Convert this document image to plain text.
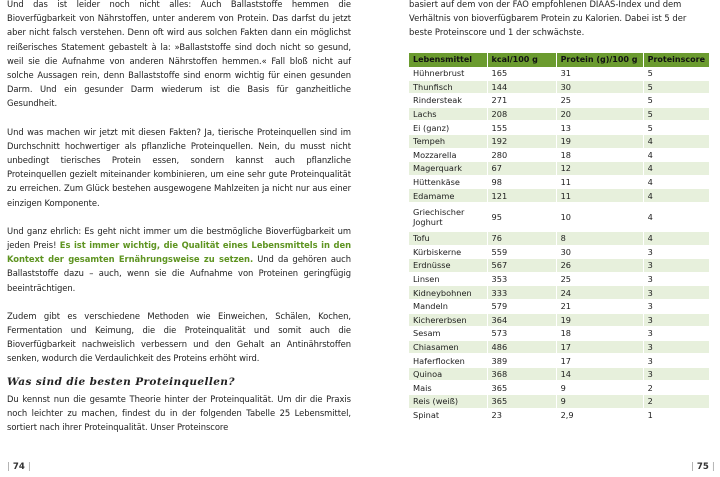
Und das ist leider noch nicht alles: Auch Ballaststoffe hemmen die Bioverfügbarkeit von Nährstoffen, unter anderem von Protein. Das darfst du jetzt aber nicht falsch verstehen. Denn oft wird aus solchen Fakten dann ein möglichst reißerisches Statement gebastelt à la: »Ballaststoffe sind doch nicht so gesund, weil sie die Aufnahme von anderen Nährstoffen hemmen.« Fall bloß nicht auf solche Aussagen rein, denn Ballaststoffe sind enorm wichtig für einen gesunden Darm. Und ein gesunder Darm wiederum ist die Basis für ganzheitliche Gesundheit.

Und was machen wir jetzt mit diesen Fakten? Ja, tierische Proteinquellen sind im Durchschnitt hochwertiger als pflanzliche Proteinquellen. Nein, du musst nicht unbedingt tierisches Protein essen, sondern kannst auch pflanzliche Proteinquellen gezielt miteinander kombinieren, um eine sehr gute Proteinqualität zu erreichen. Zum Glück bestehen ausgewogene Mahlzeiten ja nicht nur aus einer einzigen Komponente.

Und ganz ehrlich: Es geht nicht immer um die bestmögliche Bioverfügbarkeit um jeden Preis! Es ist immer wichtig, die Qualität eines Lebensmittels in den Kontext der gesamten Ernährungsweise zu setzen. Und da gehören auch Ballaststoffe dazu – auch, wenn sie die Aufnahme von Proteinen geringfügig beeinträchtigen.

Zudem gibt es verschiedene Methoden wie Einweichen, Schälen, Kochen, Fermentation und Keimung, die die Proteinqualität und somit auch die Bioverfügbarkeit nachweislich verbessern und den Gehalt an Antinährstoffen senken, wodurch die Verdaulichkeit des Proteins erhöht wird.

Was sind die besten Proteinquellen?

Du kennst nun die gesamte Theorie hinter der Proteinqualität. Um dir die Praxis noch leichter zu machen, findest du in der folgenden Tabelle 25 Lebensmittel, sortiert nach ihrer Proteinqualität. Unser Proteinscore

| 74 |

basiert auf dem von der FAO empfohlenen DIAAS-Index und dem Verhältnis von bioverfügbarem Protein zu Kalorien. Dabei ist 5 der beste Proteinscore und 1 der schwächste.

Lebensmittel	kcal/100 g	Protein (g)/100 g	Proteinscore
Hühnerbrust	165	31	5
Thunfisch	144	30	5
Rindersteak	271	25	5
Lachs	208	20	5
Ei (ganz)	155	13	5
Tempeh	192	19	4
Mozzarella	280	18	4
Magerquark	67	12	4
Hüttenkäse	98	11	4
Edamame	121	11	4
Griechischer Joghurt	95	10	4
Tofu	76	8	4
Kürbiskerne	559	30	3
Erdnüsse	567	26	3
Linsen	353	25	3
Kidneybohnen	333	24	3
Mandeln	579	21	3
Kichererbsen	364	19	3
Sesam	573	18	3
Chiasamen	486	17	3
Haferflocken	389	17	3
Quinoa	368	14	3
Mais	365	9	2
Reis (weiß)	365	9	2
Spinat	23	2,9	1
| 75 |
